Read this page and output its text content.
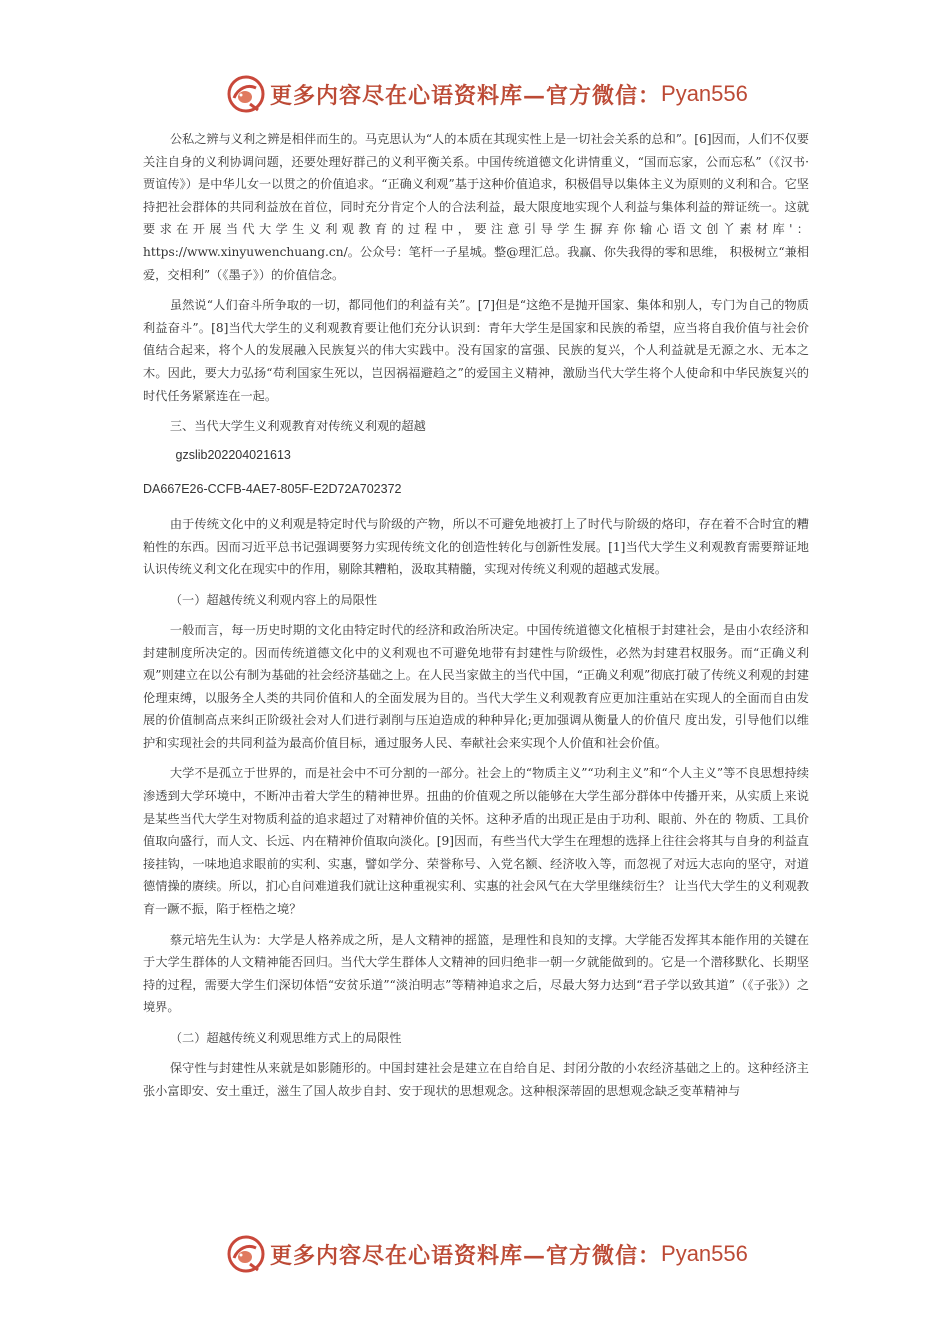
更多内容尽在心语资料库—官方微信： Pyan556

公私之辨与义利之辨是相伴而生的。马克思认为“人的本质在其现实性上是一切社会关系的总和”。[6]因而，人们不仅要关注自身的义利协调问题，还要处理好群己的义利平衡关系。中国传统道德文化讲情重义，“国而忘家，公而忘私”（《汉书·贾谊传》）是中华儿女一以贯之的价值追求。“正确义利观”基于这种价值追求，积极倡导以集体主义为原则的义利和合。它坚持把社会群体的共同利益放在首位，同时充分肯定个人的合法利益，最大限度地实现个人利益与集体利益的辩证统一。这就要求在开展当代大学生义利观教育的过程中，要注意引导学生摒弃你输心语文创丫素材库'：https://www.xinyuwenchuang.cn/。公众号：笔杆一子星城。整@理汇总。我赢、你失我得的零和思维， 积极树立“兼相爱，交相利”（《墨子》）的价值信念。

虽然说“人们奋斗所争取的一切，都同他们的利益有关”。[7]但是“这绝不是抛开国家、集体和别人，专门为自己的物质利益奋斗”。[8]当代大学生的义利观教育要让他们充分认识到：青年大学生是国家和民族的希望，应当将自我价值与社会价值结合起来，将个人的发展融入民族复兴的伟大实践中。没有国家的富强、民族的复兴，个人利益就是无源之水、无本之木。因此，要大力弘扬“苟利国家生死以，岂因祸福避趋之”的爱国主义精神，激励当代大学生将个人使命和中华民族复兴的时代任务紧紧连在一起。

三、当代大学生义利观教育对传统义利观的超越

gzslib202204021613

DA667E26-CCFB-4AE7-805F-E2D72A702372

由于传统文化中的义利观是特定时代与阶级的产物，所以不可避免地被打上了时代与阶级的烙印，存在着不合时宜的糟粕性的东西。因而习近平总书记强调要努力实现传统文化的创造性转化与创新性发展。[1]当代大学生义利观教育需要辩证地认识传统义利文化在现实中的作用，剔除其糟粕，汲取其精髓，实现对传统义利观的超越式发展。

（一）超越传统义利观内容上的局限性

一般而言，每一历史时期的文化由特定时代的经济和政治所决定。中国传统道德文化植根于封建社会，是由小农经济和封建制度所决定的。因而传统道德文化中的义利观也不可避免地带有封建性与阶级性，必然为封建君权服务。而“正确义利观”则建立在以公有制为基础的社会经济基础之上。在人民当家做主的当代中国，“正确义利观”彻底打破了传统义利观的封建伦理束缚，以服务全人类的共同价值和人的全面发展为目的。当代大学生义利观教育应更加注重站在实现人的全面而自由发展的价值制高点来纠正阶级社会对人们进行剥削与压迫造成的种种异化;更加强调从衡量人的价值尺 度出发，引导他们以维护和实现社会的共同利益为最高价值目标，通过服务人民、奉献社会来实现个人价值和社会价值。

大学不是孤立于世界的，而是社会中不可分割的一部分。社会上的“物质主义”“功利主义”和“个人主义”等不良思想持续渗透到大学环境中，不断冲击着大学生的精神世界。扭曲的价值观之所以能够在大学生部分群体中传播开来，从实质上来说是某些当代大学生对物质利益的追求超过了对精神价值的关怀。这种矛盾的出现正是由于功利、眼前、外在的 物质、工具价值取向盛行，而人文、长远、内在精神价值取向淡化。[9]因而，有些当代大学生在理想的选择上往往会将其与自身的利益直接挂钩，一味地追求眼前的实利、实惠，譬如学分、荣誉称号、入党名额、经济收入等，而忽视了对远大志向的坚守，对道德情操的赓续。所以，扪心自问难道我们就让这种重视实利、实惠的社会风气在大学里继续衍生？ 让当代大学生的义利观教育一蹶不振，陷于桎梏之境？

蔡元培先生认为：大学是人格养成之所，是人文精神的摇篮，是理性和良知的支撑。大学能否发挥其本能作用的关键在于大学生群体的人文精神能否回归。当代大学生群体人文精神的回归绝非一朝一夕就能做到的。它是一个潜移默化、长期坚持的过程，需要大学生们深切体悟“安贫乐道”“淡泊明志”等精神追求之后，尽最大努力达到“君子学以致其道”（《子张》）之境界。

（二）超越传统义利观思维方式上的局限性

保守性与封建性从来就是如影随形的。中国封建社会是建立在自给自足、封闭分散的小农经济基础之上的。这种经济主张小富即安、安土重迁，滋生了国人故步自封、安于现状的思想观念。这种根深蒂固的思想观念缺乏变革精神与

更多内容尽在心语资料库—官方微信： Pyan556
